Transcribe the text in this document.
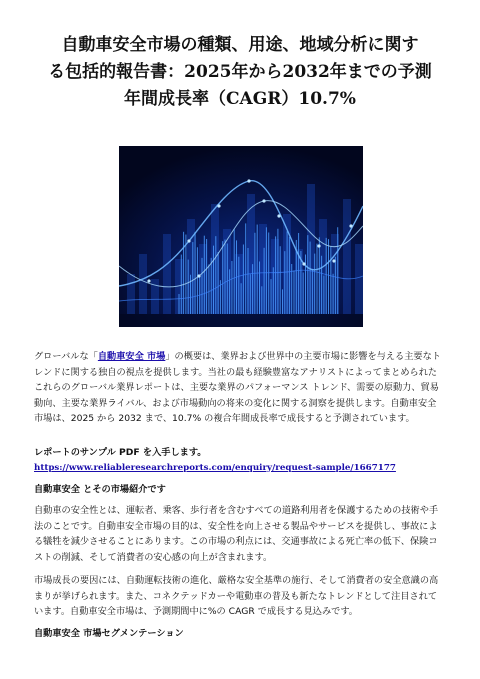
自動車安全市場の種類、用途、地域分析に関す
る包括的報告書：2025年から2032年までの予測
年間成長率（CAGR）10.7%
グローバルな「自動車安全 市場」の概要は、業界および世界中の主要市場に影響を与える主要なトレンドに関する独自の視点を提供します。当社の最も経験豊富なアナリストによってまとめられたこれらのグローバル業界レポートは、主要な業界のパフォーマンス トレンド、需要の原動力、貿易動向、主要な業界ライバル、および市場動向の将来の変化に関する洞察を提供します。自動車安全 市場は、2025 から 2032 まで、10.7% の複合年間成長率で成長すると予測されています。
レポートのサンプル PDF を入手します。
https://www.reliableresearchreports.com/enquiry/request-sample/1667177
自動車安全 とその市場紹介です
自動車の安全性とは、運転者、乗客、歩行者を含むすべての道路利用者を保護するための技術や手法のことです。自動車安全市場の目的は、安全性を向上させる製品やサービスを提供し、事故による犠牲を減少させることにあります。この市場の利点には、交通事故による死亡率の低下、保険コストの削減、そして消費者の安心感の向上が含まれます。
市場成長の要因には、自動運転技術の進化、厳格な安全基準の施行、そして消費者の安全意識の高まりが挙げられます。また、コネクテッドカーや電動車の普及も新たなトレンドとして注目されています。自動車安全市場は、予測期間中に%の CAGR で成長する見込みです。
自動車安全 市場セグメンテーション
